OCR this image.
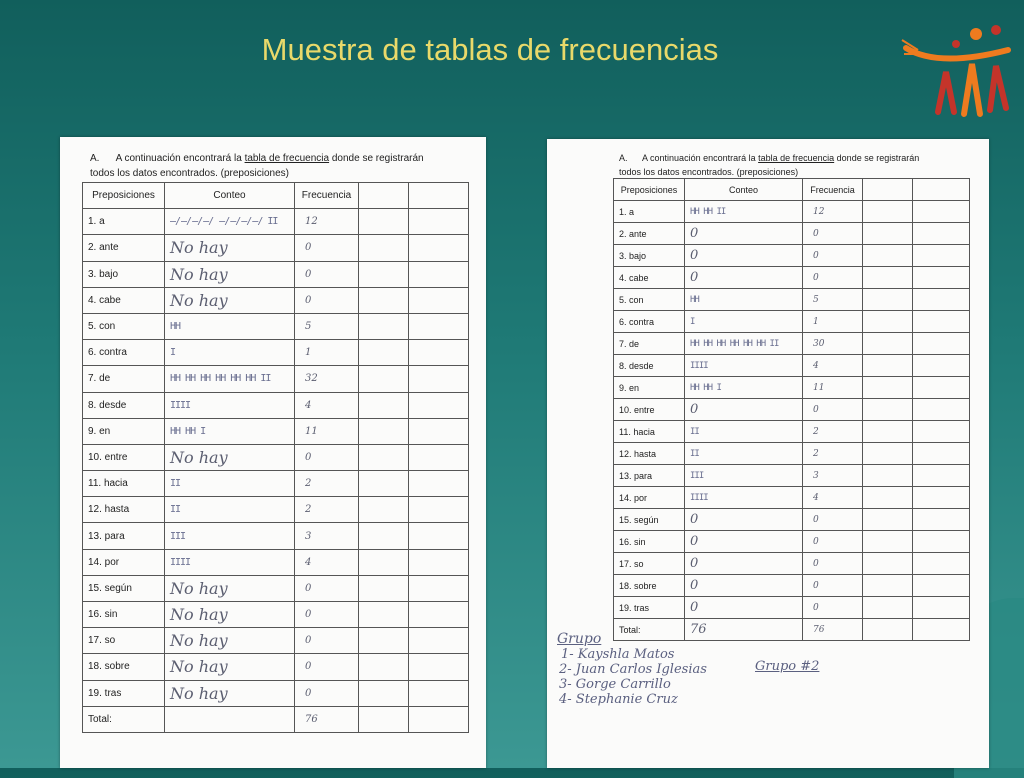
Muestra de tablas de frecuencias
A. A continuación encontrará la tabla de frecuencia donde se registrarán
todos los datos encontrados. (preposiciones)
Preposiciones	Conteo	Frecuencia		
1. a	̶/̶/̶/̶/ ̶/̶/̶/̶/ II	12		
2. ante	No hay	0		
3. bajo	No hay	0		
4. cabe	No hay	0		
5. con	HH	5		
6. contra	I	1		
7. de	HH HH HH HH HH HH II	32		
8. desde	IIII	4		
9. en	HH HH I	11		
10. entre	No hay	0		
11. hacia	II	2		
12. hasta	II	2		
13. para	III	3		
14. por	IIII	4		
15. según	No hay	0		
16. sin	No hay	0		
17. so	No hay	0		
18. sobre	No hay	0		
19. tras	No hay	0		
Total:		76		
A. A continuación encontrará la tabla de frecuencia donde se registrarán
todos los datos encontrados. (preposiciones)
Preposiciones	Conteo	Frecuencia		
1. a	HH HH II	12		
2. ante	0	0		
3. bajo	0	0		
4. cabe	0	0		
5. con	HH	5		
6. contra	I	1		
7. de	HH HH HH HH HH HH II	30		
8. desde	IIII	4		
9. en	HH HH I	11		
10. entre	0	0		
11. hacia	II	2		
12. hasta	II	2		
13. para	III	3		
14. por	IIII	4		
15. según	0	0		
16. sin	0	0		
17. so	0	0		
18. sobre	0	0		
19. tras	0	0		
Total:	76	76		
Grupo
1- Kayshla Matos
2- Juan Carlos Iglesias
3- Gorge Carrillo
4- Stephanie Cruz
Grupo #2
